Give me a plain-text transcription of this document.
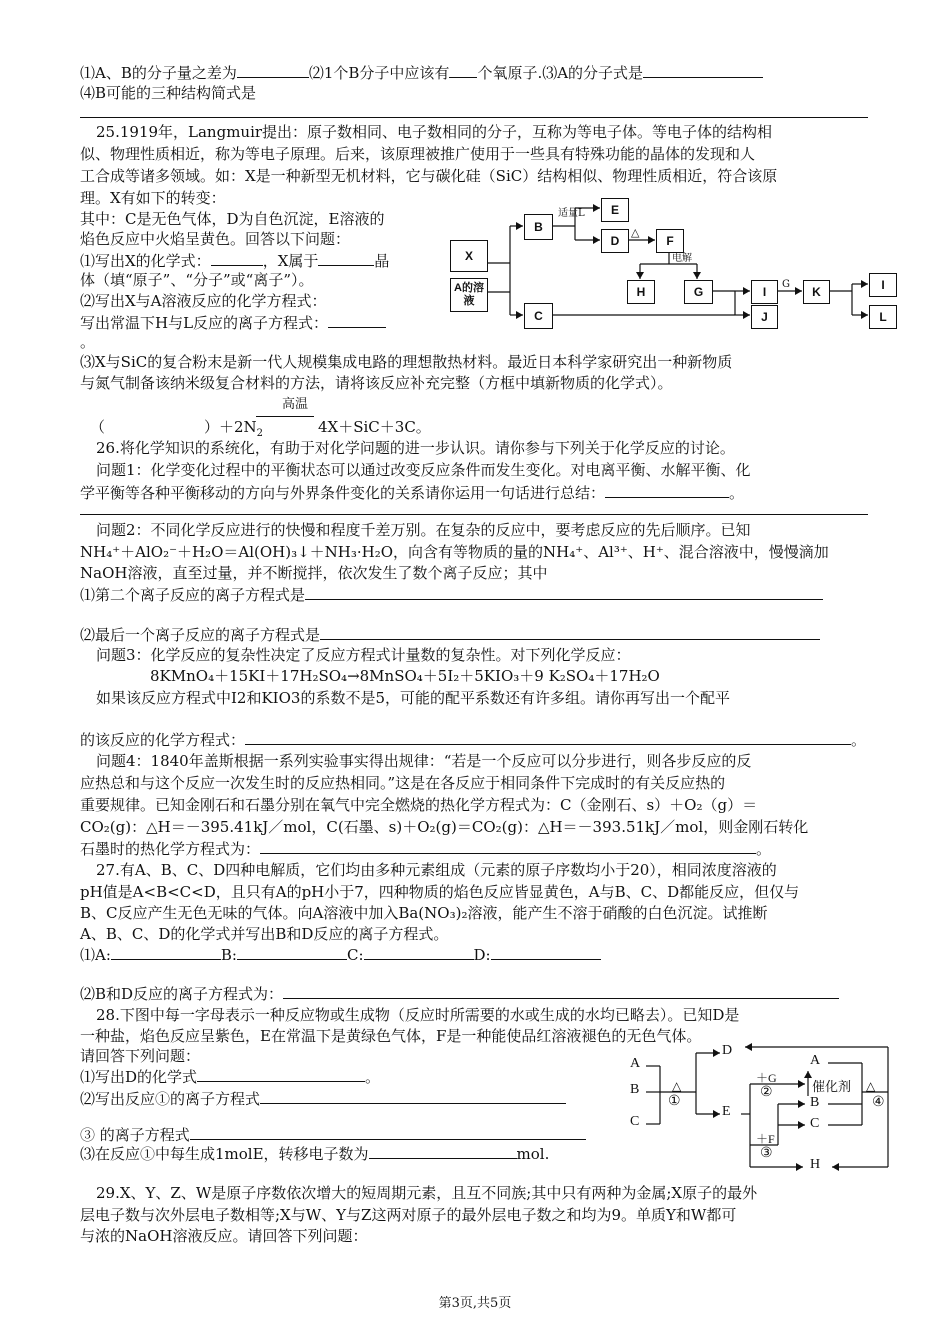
⑴A、B的分子量之差为	⑵1个B分子中应该有 个氧原子.⑶A的分子式是
⑷B可能的三种结构简式是
25.1919年，Langmuir提出：原子数相同、电子数相同的分子，互称为等电子体。等电子体的结构相
似、物理性质相近，称为等电子原理。后来，该原理被推广使用于一些具有特殊功能的晶体的发现和人
工合成等诸多领域。如：X是一种新型无机材料，它与碳化硅（SiC）结构相似、物理性质相近，符合该原
理。X有如下的转变：
其中：C是无色气体，D为自色沉淀，E溶液的
焰色反应中火焰呈黄色。回答以下问题：
⑴写出X的化学式：	，X属于	晶
体（填“原子”、“分子”或“离子”）。
⑵写出X与A溶液反应的化学方程式：
写出常温下H与L反应的离子方程式：
。
⑶X与SiC的复合粉末是新一代人规模集成电路的理想散热材料。最近日本科学家研究出一种新物质
与氮气制备该纳米级复合材料的方法，请将该反应补充完整（方框中填新物质的化学式）。
高温
（	）$+2N_2$	4X＋SiC＋3C。
X
A的溶液
B
C
E
D	F
H	G	I
J
K	I
L
适量L
△
电解
G
26.将化学知识的系统化，有助于对化学问题的进一步认识。请你参与下列关于化学反应的讨论。
问题1：化学变化过程中的平衡状态可以通过改变反应条件而发生变化。对电离平衡、水解平衡、化
学平衡等各种平衡移动的方向与外界条件变化的关系请你运用一句话进行总结：	。
问题2：不同化学反应进行的快慢和程度千差万别。在复杂的反应中，要考虑反应的先后顺序。已知
NH₄⁺＋AlO₂⁻＋H₂O＝Al(OH)₃↓＋NH₃·H₂O，向含有等物质的量的NH₄⁺、Al³⁺、H⁺、混合溶液中，慢慢滴加
NaOH溶液，直至过量，并不断搅拌，依次发生了数个离子反应；其中
⑴第二个离子反应的离子方程式是
⑵最后一个离子反应的离子方程式是
问题3：化学反应的复杂性决定了反应方程式计量数的复杂性。对下列化学反应：
8KMnO₄＋15KI＋17H₂SO₄→8MnSO₄＋5I₂＋5KIO₃＋9 K₂SO₄＋17H₂O
如果该反应方程式中I2和KIO3的系数不是5，可能的配平系数还有许多组。请你再写出一个配平
的该反应的化学方程式：	。
问题4：1840年盖斯根据一系列实验事实得出规律：“若是一个反应可以分步进行，则各步反应的反
应热总和与这个反应一次发生时的反应热相同。”这是在各反应于相同条件下完成时的有关反应热的
重要规律。已知金刚石和石墨分别在氧气中完全燃烧的热化学方程式为：C（金刚石、s）＋O₂（g）＝
CO₂(g)：△H＝－395.41kJ／mol，C(石墨、s)＋O₂(g)＝CO₂(g)：△H＝－393.51kJ／mol，则金刚石转化
石墨时的热化学方程式为：	。
27.有A、B、C、D四种电解质，它们均由多种元素组成（元素的原子序数均小于20），相同浓度溶液的
pH值是A<B<C<D，且只有A的pH小于7，四种物质的焰色反应皆显黄色，A与B、C、D都能反应，但仅与
B、C反应产生无色无味的气体。向A溶液中加入Ba(NO₃)₂溶液，能产生不溶于硝酸的白色沉淀。试推断
A、B、C、D的化学式并写出B和D反应的离子方程式。
⑴A:	B:	C:	D:
⑵B和D反应的离子方程式为：
28.下图中每一字母表示一种反应物或生成物（反应时所需要的水或生成的水均已略去）。已知D是
一种盐，焰色反应呈紫色，E在常温下是黄绿色气体，F是一种能使品红溶液褪色的无色气体。
请回答下列问题：
⑴写出D的化学式	。
⑵写出反应①的离子方程式
③ 的离子方程式
⑶在反应①中每生成1molE，转移电子数为	mol.
A
B
C
△
①
D
E
＋G
②
＋F
③
A
催化剂
B
C
H
△
④
29.X、Y、Z、W是原子序数依次增大的短周期元素，且互不同族;其中只有两种为金属;X原子的最外
层电子数与次外层电子数相等;X与W、Y与Z这两对原子的最外层电子数之和均为9。单质Y和W都可
与浓的NaOH溶液反应。请回答下列问题：
第3页,共5页
